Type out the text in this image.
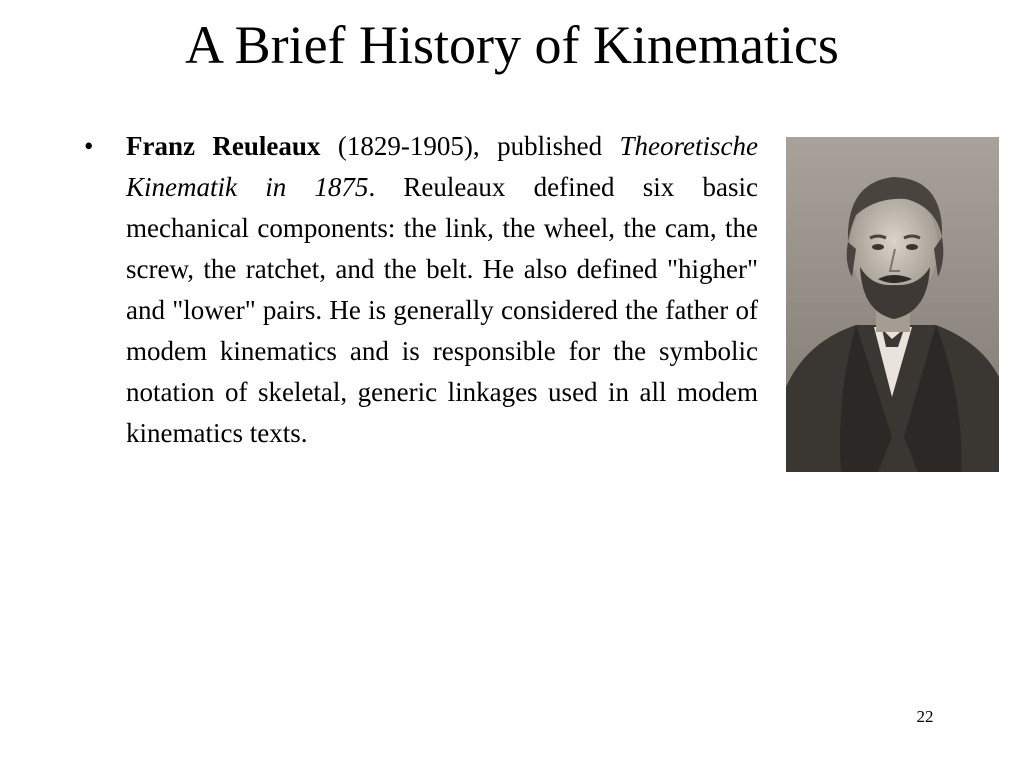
A Brief History of Kinematics
•	Franz Reuleaux (1829-1905), published Theoretische Kinematik in 1875. Reuleaux defined six basic mechanical components: the link, the wheel, the cam, the screw, the ratchet, and the belt. He also defined "higher" and "lower" pairs. He is generally considered the father of modem kinematics and is responsible for the symbolic notation of skeletal, generic linkages used in all modem kinematics texts.

22
